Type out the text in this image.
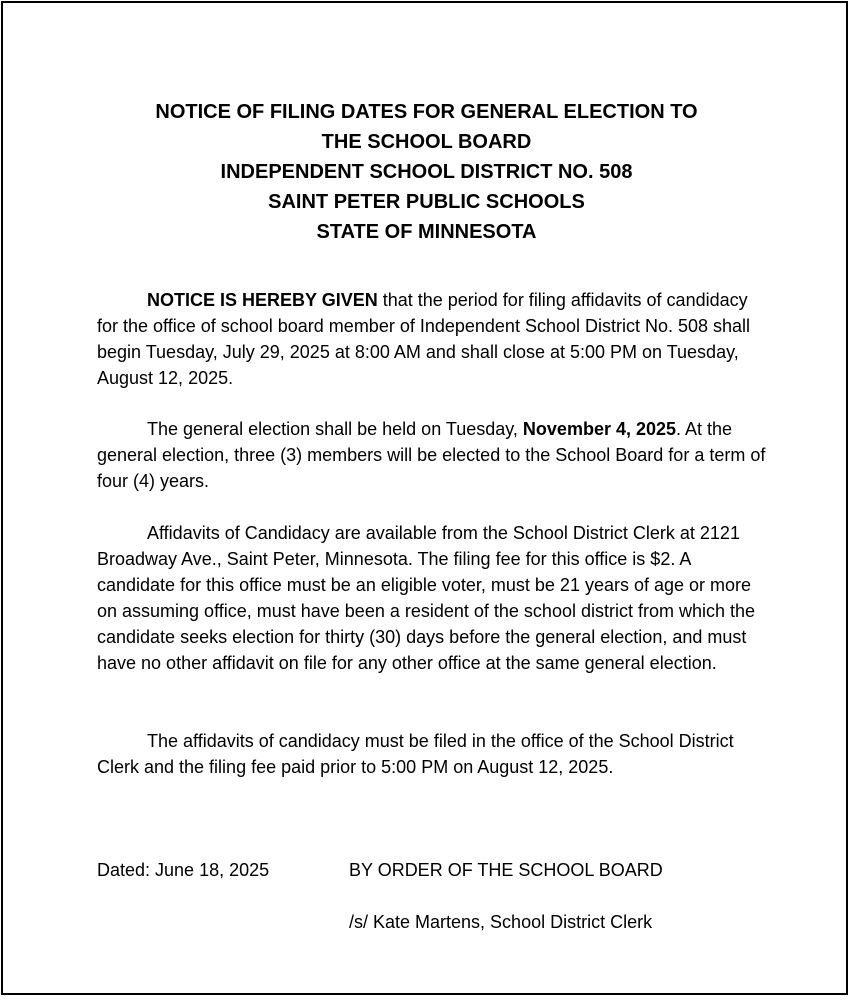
NOTICE OF FILING DATES FOR GENERAL ELECTION TO
THE SCHOOL BOARD
INDEPENDENT SCHOOL DISTRICT NO. 508
SAINT PETER PUBLIC SCHOOLS
STATE OF MINNESOTA

NOTICE IS HEREBY GIVEN that the period for filing affidavits of candidacy for the office of school board member of Independent School District No. 508 shall begin Tuesday, July 29, 2025 at 8:00 AM and shall close at 5:00 PM on Tuesday, August 12, 2025.

The general election shall be held on Tuesday, November 4, 2025. At the general election, three (3) members will be elected to the School Board for a term of four (4) years.

Affidavits of Candidacy are available from the School District Clerk at 2121 Broadway Ave., Saint Peter, Minnesota. The filing fee for this office is $2. A candidate for this office must be an eligible voter, must be 21 years of age or more on assuming office, must have been a resident of the school district from which the candidate seeks election for thirty (30) days before the general election, and must have no other affidavit on file for any other office at the same general election.

The affidavits of candidacy must be filed in the office of the School District Clerk and the filing fee paid prior to 5:00 PM on August 12, 2025.

Dated: June 18, 2025	BY ORDER OF THE SCHOOL BOARD
/s/ Kate Martens, School District Clerk
